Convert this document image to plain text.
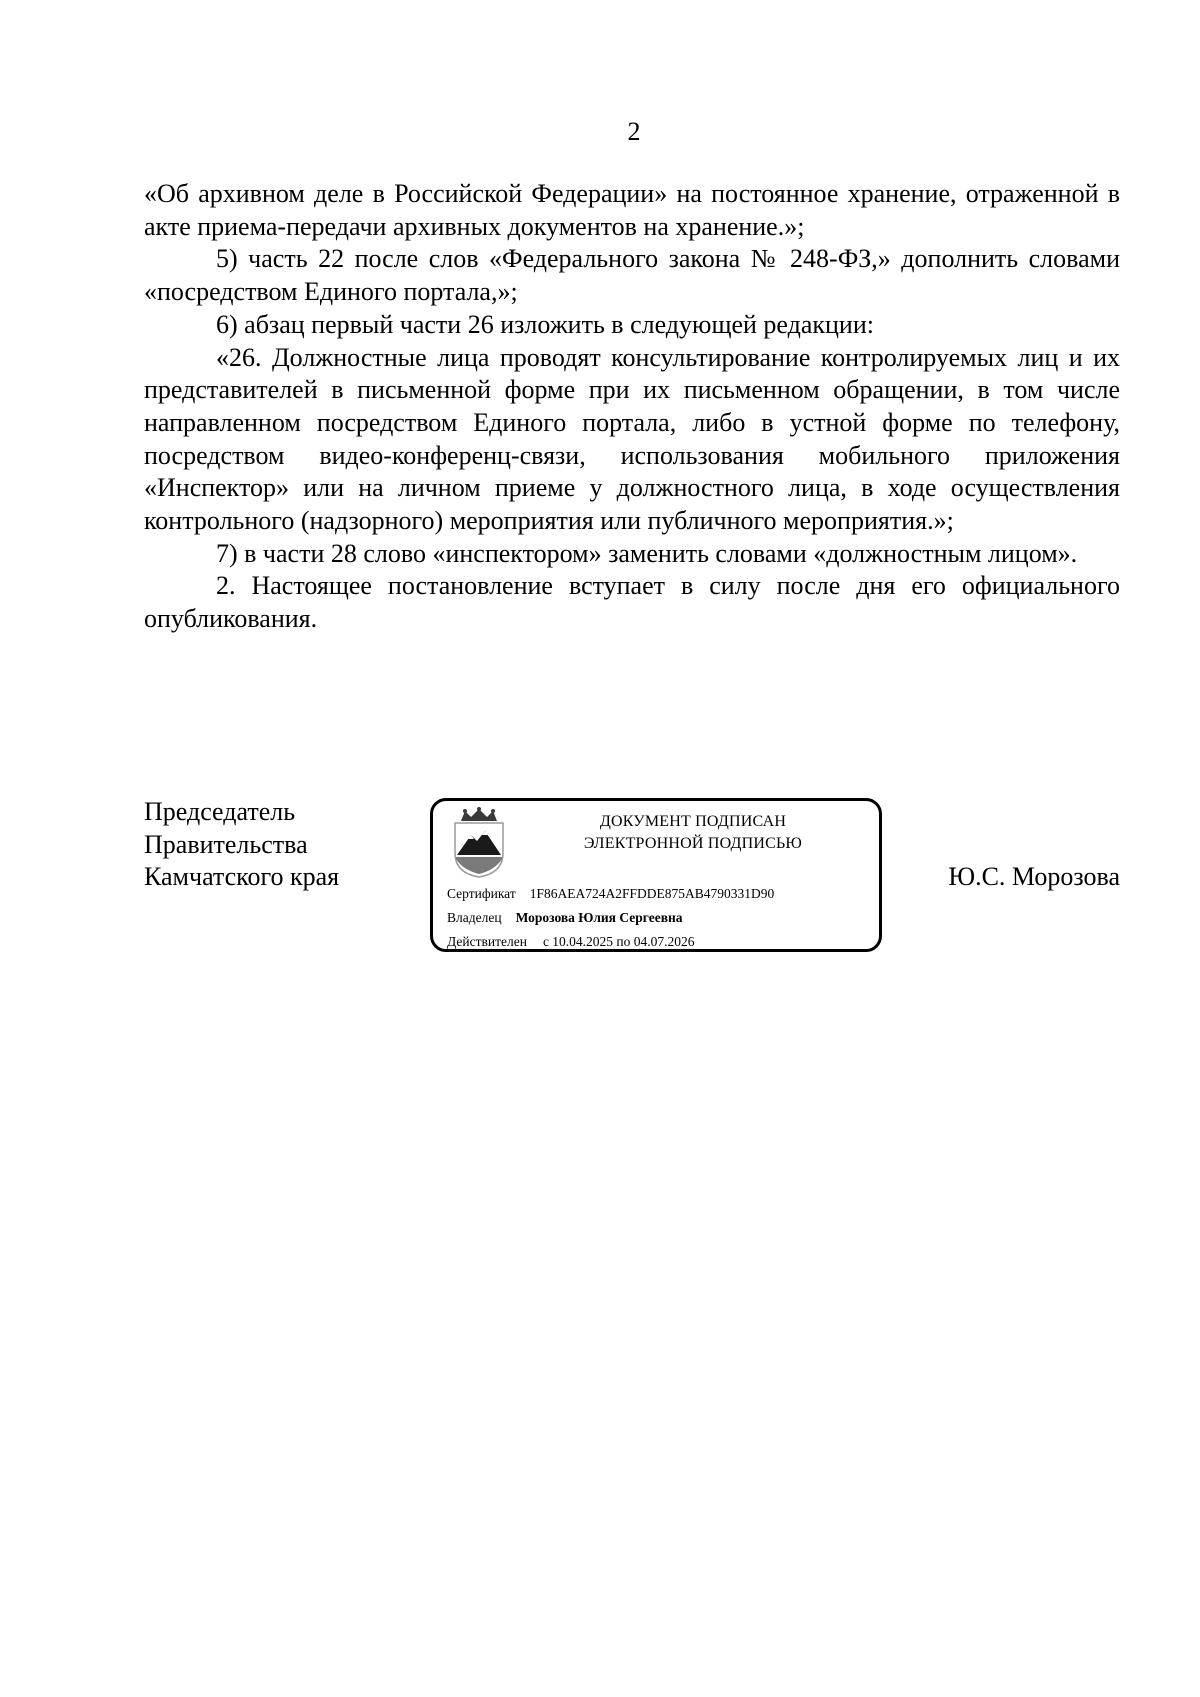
2

«Об архивном деле в Российской Федерации» на постоянное хранение, отраженной в акте приема-передачи архивных документов на хранение.»;

5) часть 22 после слов «Федерального закона № 248-ФЗ,» дополнить словами «посредством Единого портала,»;

6) абзац первый части 26 изложить в следующей редакции:

«26. Должностные лица проводят консультирование контролируемых лиц и их представителей в письменной форме при их письменном обращении, в том числе направленном посредством Единого портала, либо в устной форме по телефону, посредством видео-конференц-связи, использования мобильного приложения «Инспектор» или на личном приеме у должностного лица, в ходе осуществления контрольного (надзорного) мероприятия или публичного мероприятия.»;

7) в части 28 слово «инспектором» заменить словами «должностным лицом».

2. Настоящее постановление вступает в силу после дня его официального опубликования.

Председатель
Правительства
Камчатского края
ДОКУМЕНТ ПОДПИСАН
ЭЛЕКТРОННОЙ ПОДПИСЬЮ
Сертификат 1F86AEA724A2FFDDE875AB4790331D90
Владелец Морозова Юлия Сергеевна
Действителен с 10.04.2025 по 04.07.2026
Ю.С. Морозова
